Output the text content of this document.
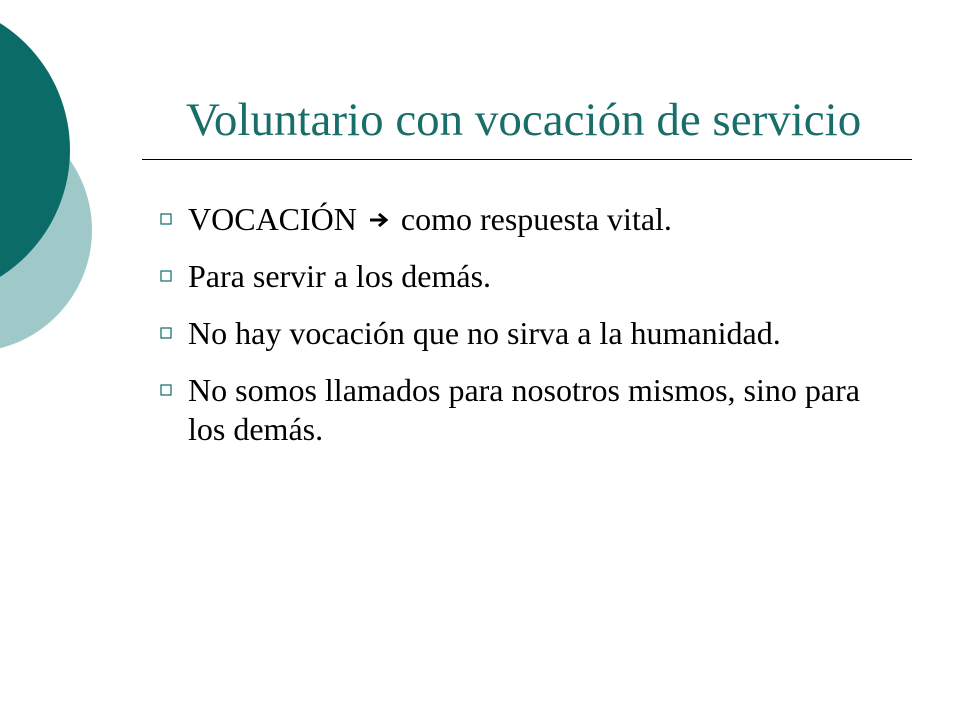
Voluntario con vocación de servicio
VOCACIÓN como respuesta vital.
Para servir a los demás.
No hay vocación que no sirva a la humanidad.
No somos llamados para nosotros mismos, sino para los demás.
